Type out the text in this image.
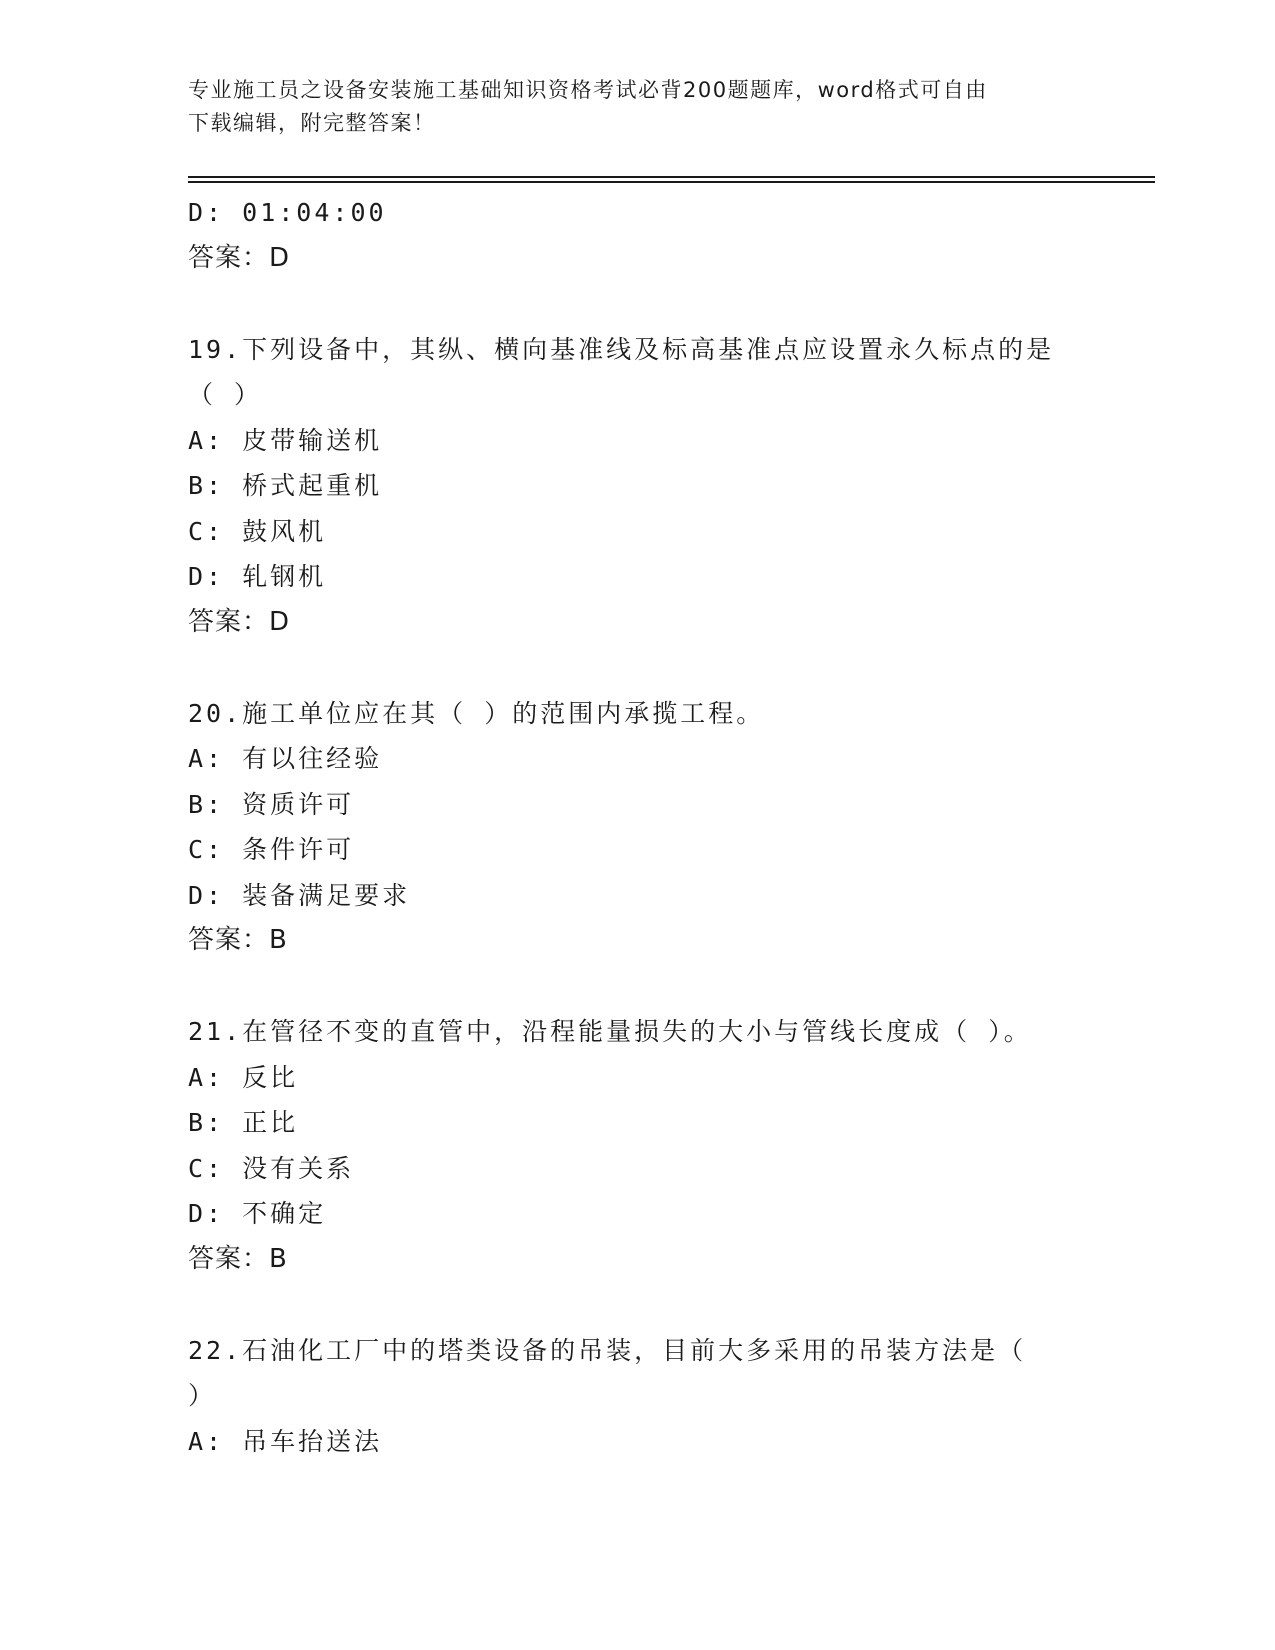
专业施工员之设备安装施工基础知识资格考试必背200题题库，word格式可自由
下载编辑，附完整答案！
D: 01:04:00
答案：D
19.下列设备中，其纵、横向基准线及标高基准点应设置永久标点的是
（ ）
A: 皮带输送机
B: 桥式起重机
C: 鼓风机
D: 轧钢机
答案：D
20.施工单位应在其（ ）的范围内承揽工程。
A: 有以往经验
B: 资质许可
C: 条件许可
D: 装备满足要求
答案：B
21.在管径不变的直管中，沿程能量损失的大小与管线长度成（ ）。
A: 反比
B: 正比
C: 没有关系
D: 不确定
答案：B
22.石油化工厂中的塔类设备的吊装，目前大多采用的吊装方法是（
）
A: 吊车抬送法
